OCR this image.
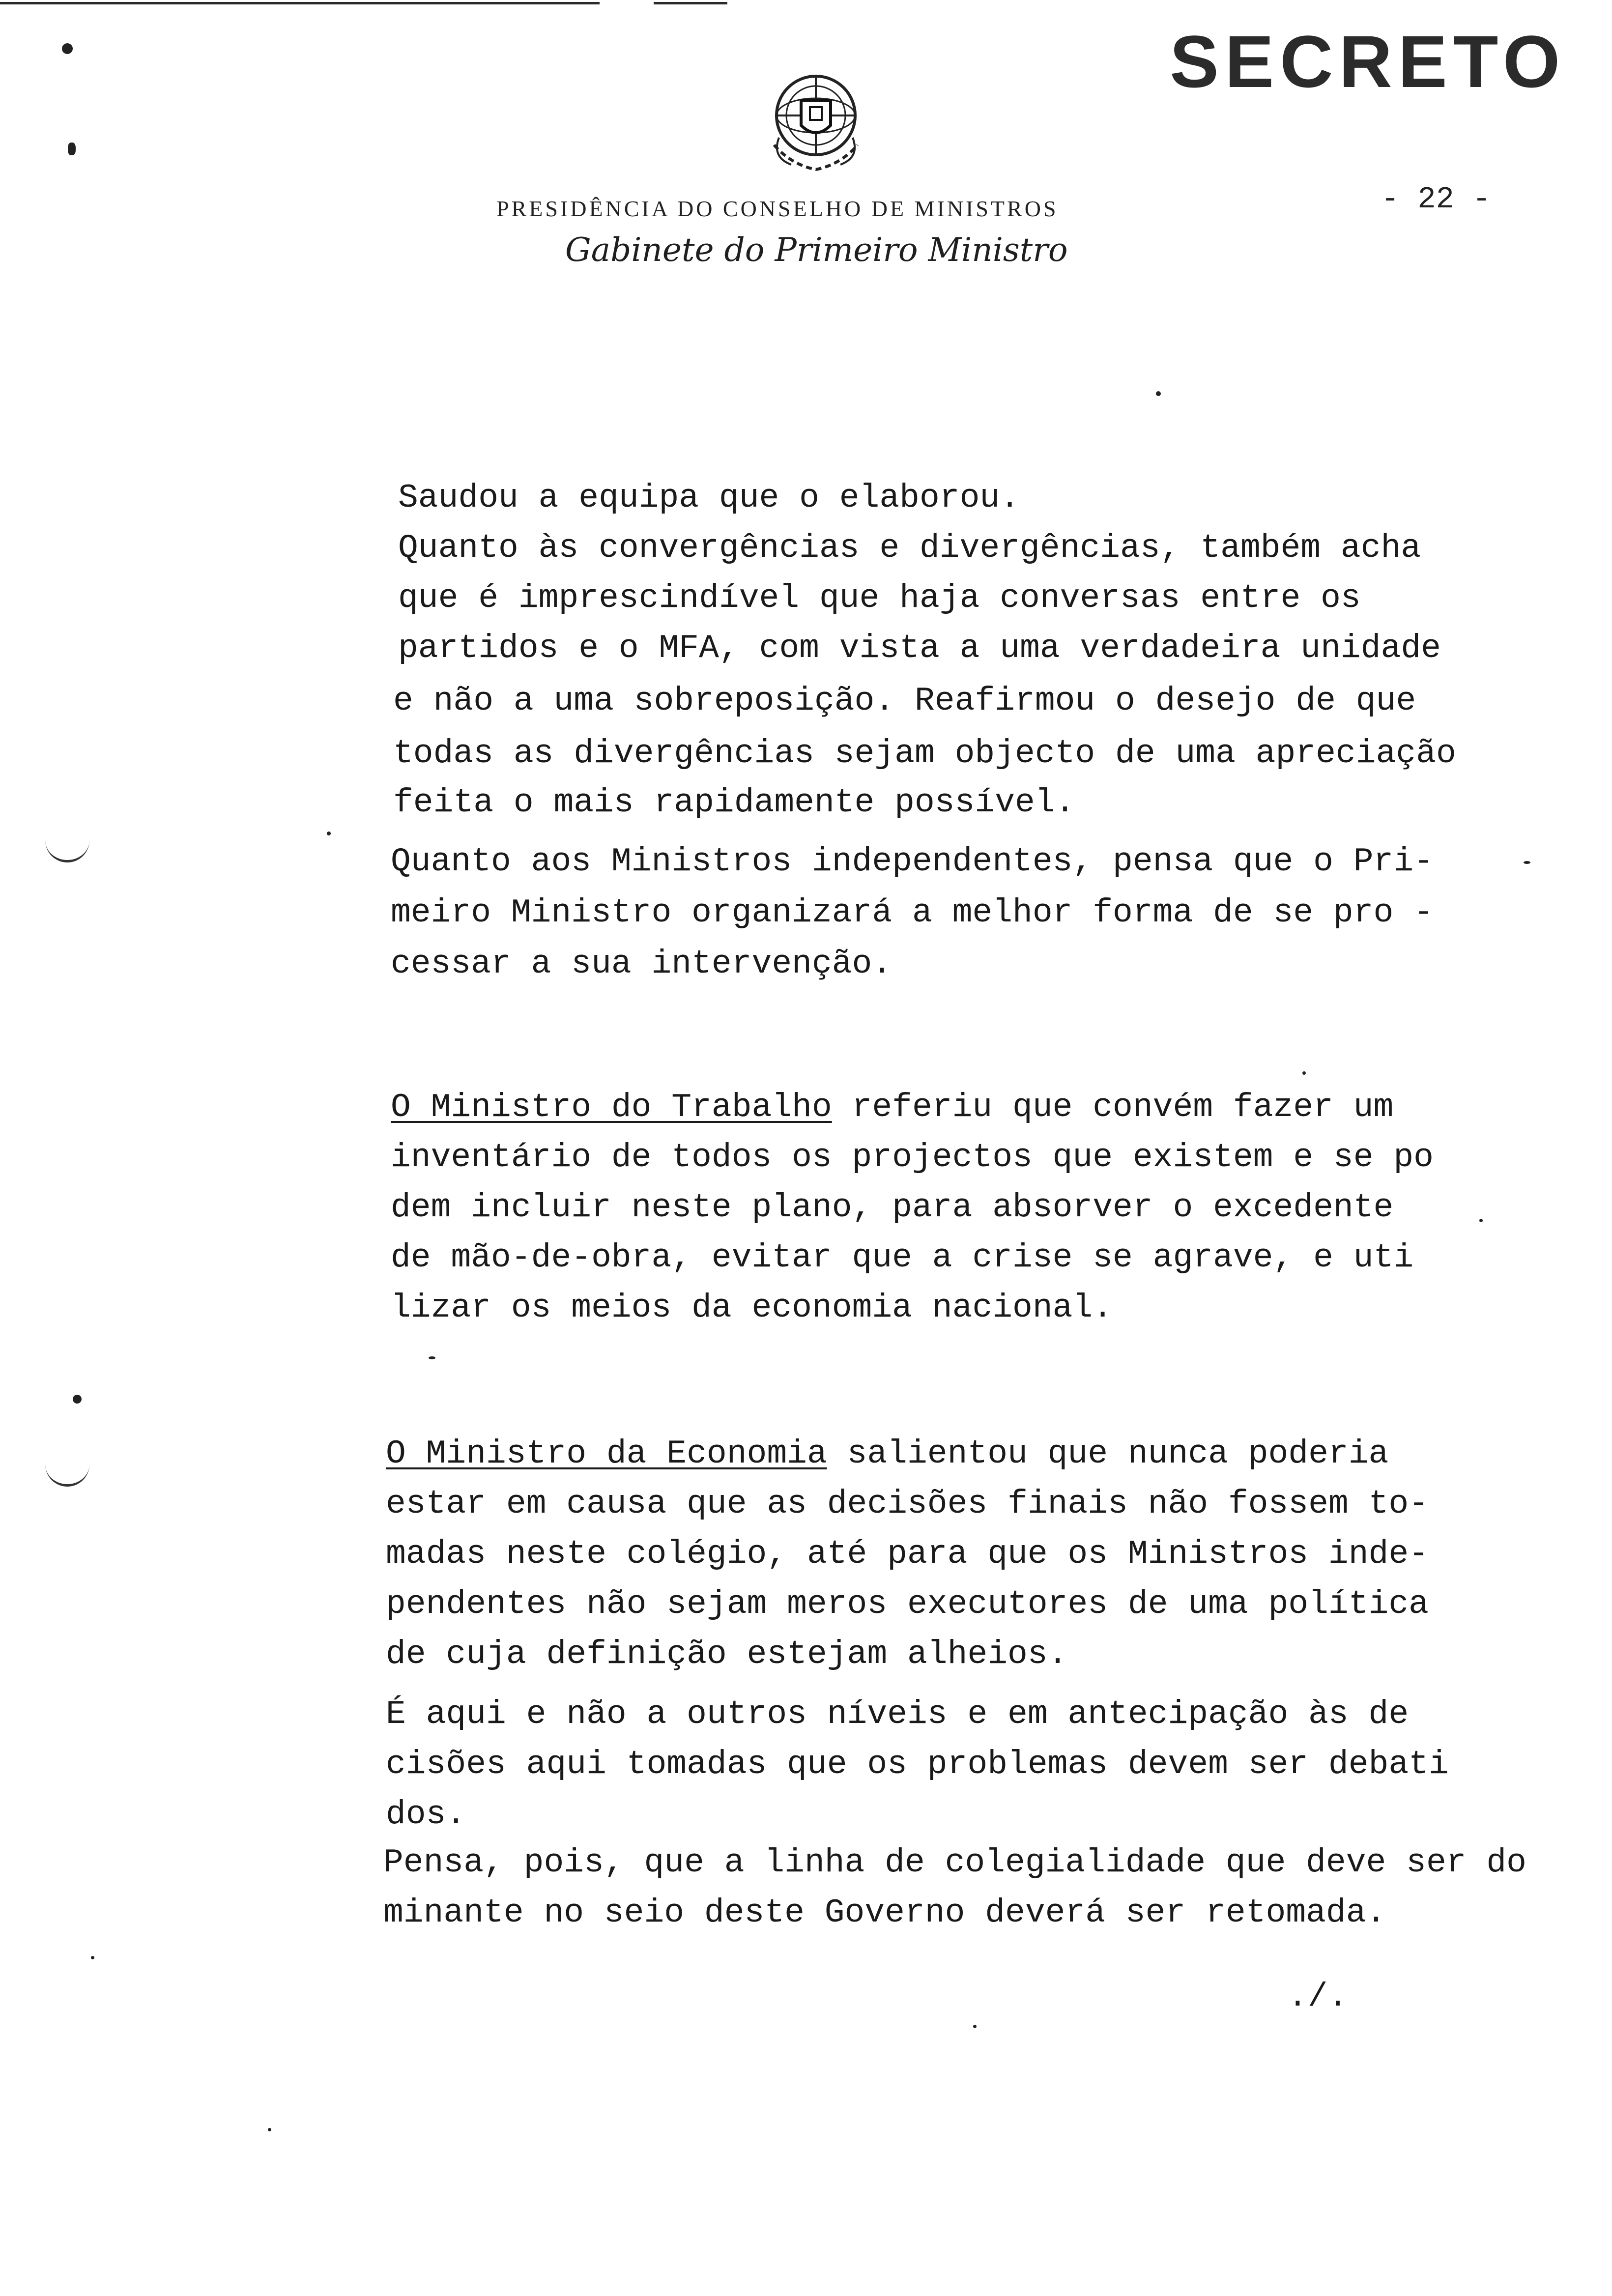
SECRETO
PRESIDÊNCIA DO CONSELHO DE MINISTROS
Gabinete do Primeiro Ministro
- 22 -
Saudou a equipa que o elaborou.
Quanto às convergências e divergências, também acha
que é imprescindível que haja conversas entre os
partidos e o MFA, com vista a uma verdadeira unidade
e não a uma sobreposição. Reafirmou o desejo de que
todas as divergências sejam objecto de uma apreciação
feita o mais rapidamente possível.
Quanto aos Ministros independentes, pensa que o Pri-
meiro Ministro organizará a melhor forma de se pro -
cessar a sua intervenção.
O Ministro do Trabalho referiu que convém fazer um
inventário de todos os projectos que existem e se po
dem incluir neste plano, para absorver o excedente
de mão-de-obra, evitar que a crise se agrave, e uti
lizar os meios da economia nacional.
O Ministro da Economia salientou que nunca poderia
estar em causa que as decisões finais não fossem to-
madas neste colégio, até para que os Ministros inde-
pendentes não sejam meros executores de uma política
de cuja definição estejam alheios.
É aqui e não a outros níveis e em antecipação às de
cisões aqui tomadas que os problemas devem ser debati
dos.
Pensa, pois, que a linha de colegialidade que deve ser do
minante no seio deste Governo deverá ser retomada.
./.
